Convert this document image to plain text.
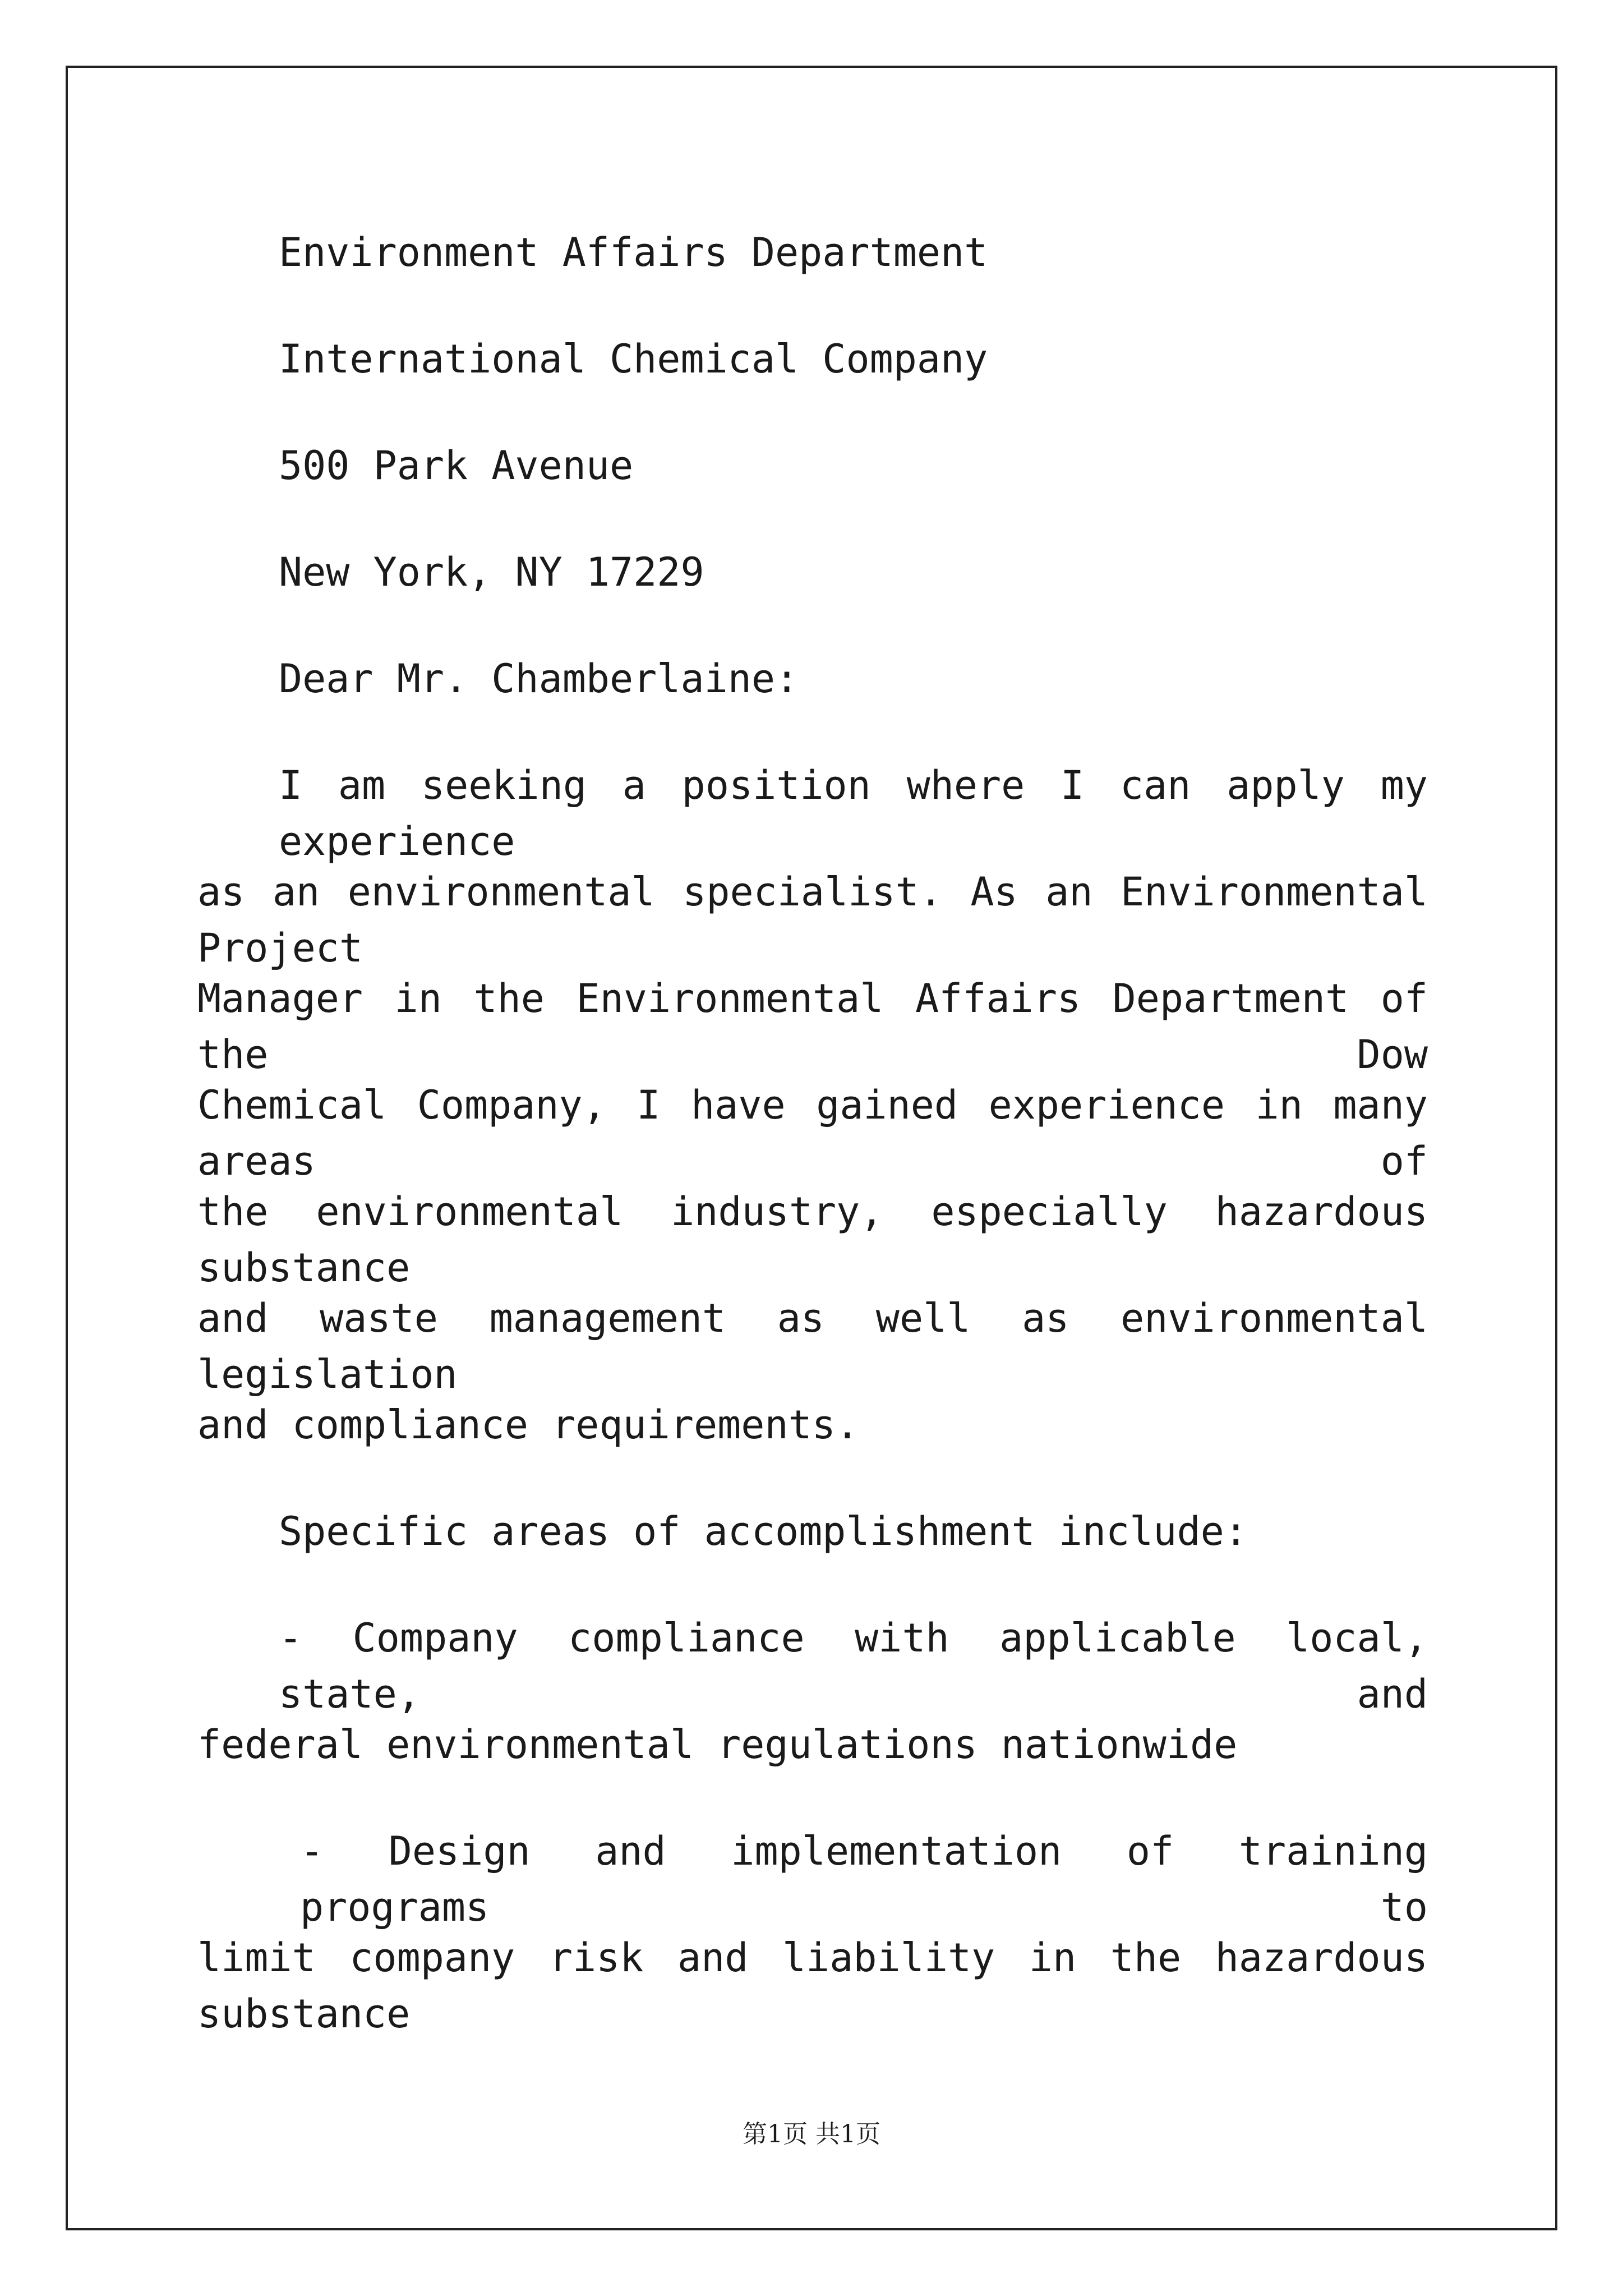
Environment Affairs Department
International Chemical Company
500 Park Avenue
New York, NY 17229
Dear Mr. Chamberlaine:
I am seeking a position where I can apply my experience
as an environmental specialist. As an Environmental Project
Manager in the Environmental Affairs Department of the Dow
Chemical Company, I have gained experience in many areas of
the environmental industry, especially hazardous substance
and waste management as well as environmental legislation
and compliance requirements.
Specific areas of accomplishment include:
- Company compliance with applicable local, state, and
federal environmental regulations nationwide
- Design and implementation of training programs to
limit company risk and liability in the hazardous substance
第1页 共1页
